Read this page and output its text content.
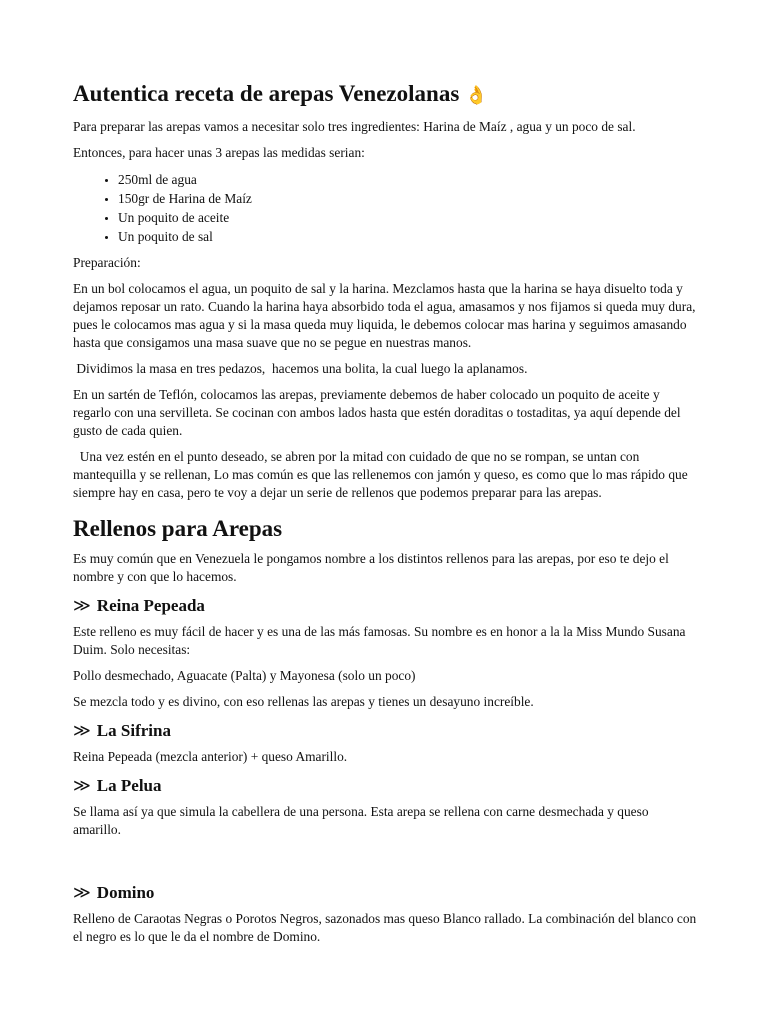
Autentica receta de arepas Venezolanas 👌

Para preparar las arepas vamos a necesitar solo tres ingredientes: Harina de Maíz , agua y un poco de sal.

Entonces, para hacer unas 3 arepas las medidas serian:

• 250ml de agua
• 150gr de Harina de Maíz
• Un poquito de aceite
• Un poquito de sal

Preparación:

En un bol colocamos el agua, un poquito de sal y la harina. Mezclamos hasta que la harina se haya disuelto toda y dejamos reposar un rato. Cuando la harina haya absorbido toda el agua, amasamos y nos fijamos si queda muy dura, pues le colocamos mas agua y si la masa queda muy liquida, le debemos colocar mas harina y seguimos amasando hasta que consigamos una masa suave que no se pegue en nuestras manos.

Dividimos la masa en tres pedazos,  hacemos una bolita, la cual luego la aplanamos.

En un sartén de Teflón, colocamos las arepas, previamente debemos de haber colocado un poquito de aceite y regarlo con una servilleta. Se cocinan con ambos lados hasta que estén doraditas o tostaditas, ya aquí depende del gusto de cada quien.

Una vez estén en el punto deseado, se abren por la mitad con cuidado de que no se rompan, se untan con mantequilla y se rellenan, Lo mas común es que las rellenemos con jamón y queso, es como que lo mas rápido que siempre hay en casa, pero te voy a dejar un serie de rellenos que podemos preparar para las arepas.

Rellenos para Arepas

Es muy común que en Venezuela le pongamos nombre a los distintos rellenos para las arepas, por eso te dejo el nombre y con que lo hacemos.

≫ Reina Pepeada

Este relleno es muy fácil de hacer y es una de las más famosas. Su nombre es en honor a la la Miss Mundo Susana Duim. Solo necesitas:

Pollo desmechado, Aguacate (Palta) y Mayonesa (solo un poco)

Se mezcla todo y es divino, con eso rellenas las arepas y tienes un desayuno increíble.

≫ La Sifrina

Reina Pepeada (mezcla anterior) + queso Amarillo.

≫ La Pelua

Se llama así ya que simula la cabellera de una persona. Esta arepa se rellena con carne desmechada y queso amarillo.

≫ Domino

Relleno de Caraotas Negras o Porotos Negros, sazonados mas queso Blanco rallado. La combinación del blanco con el negro es lo que le da el nombre de Domino.
